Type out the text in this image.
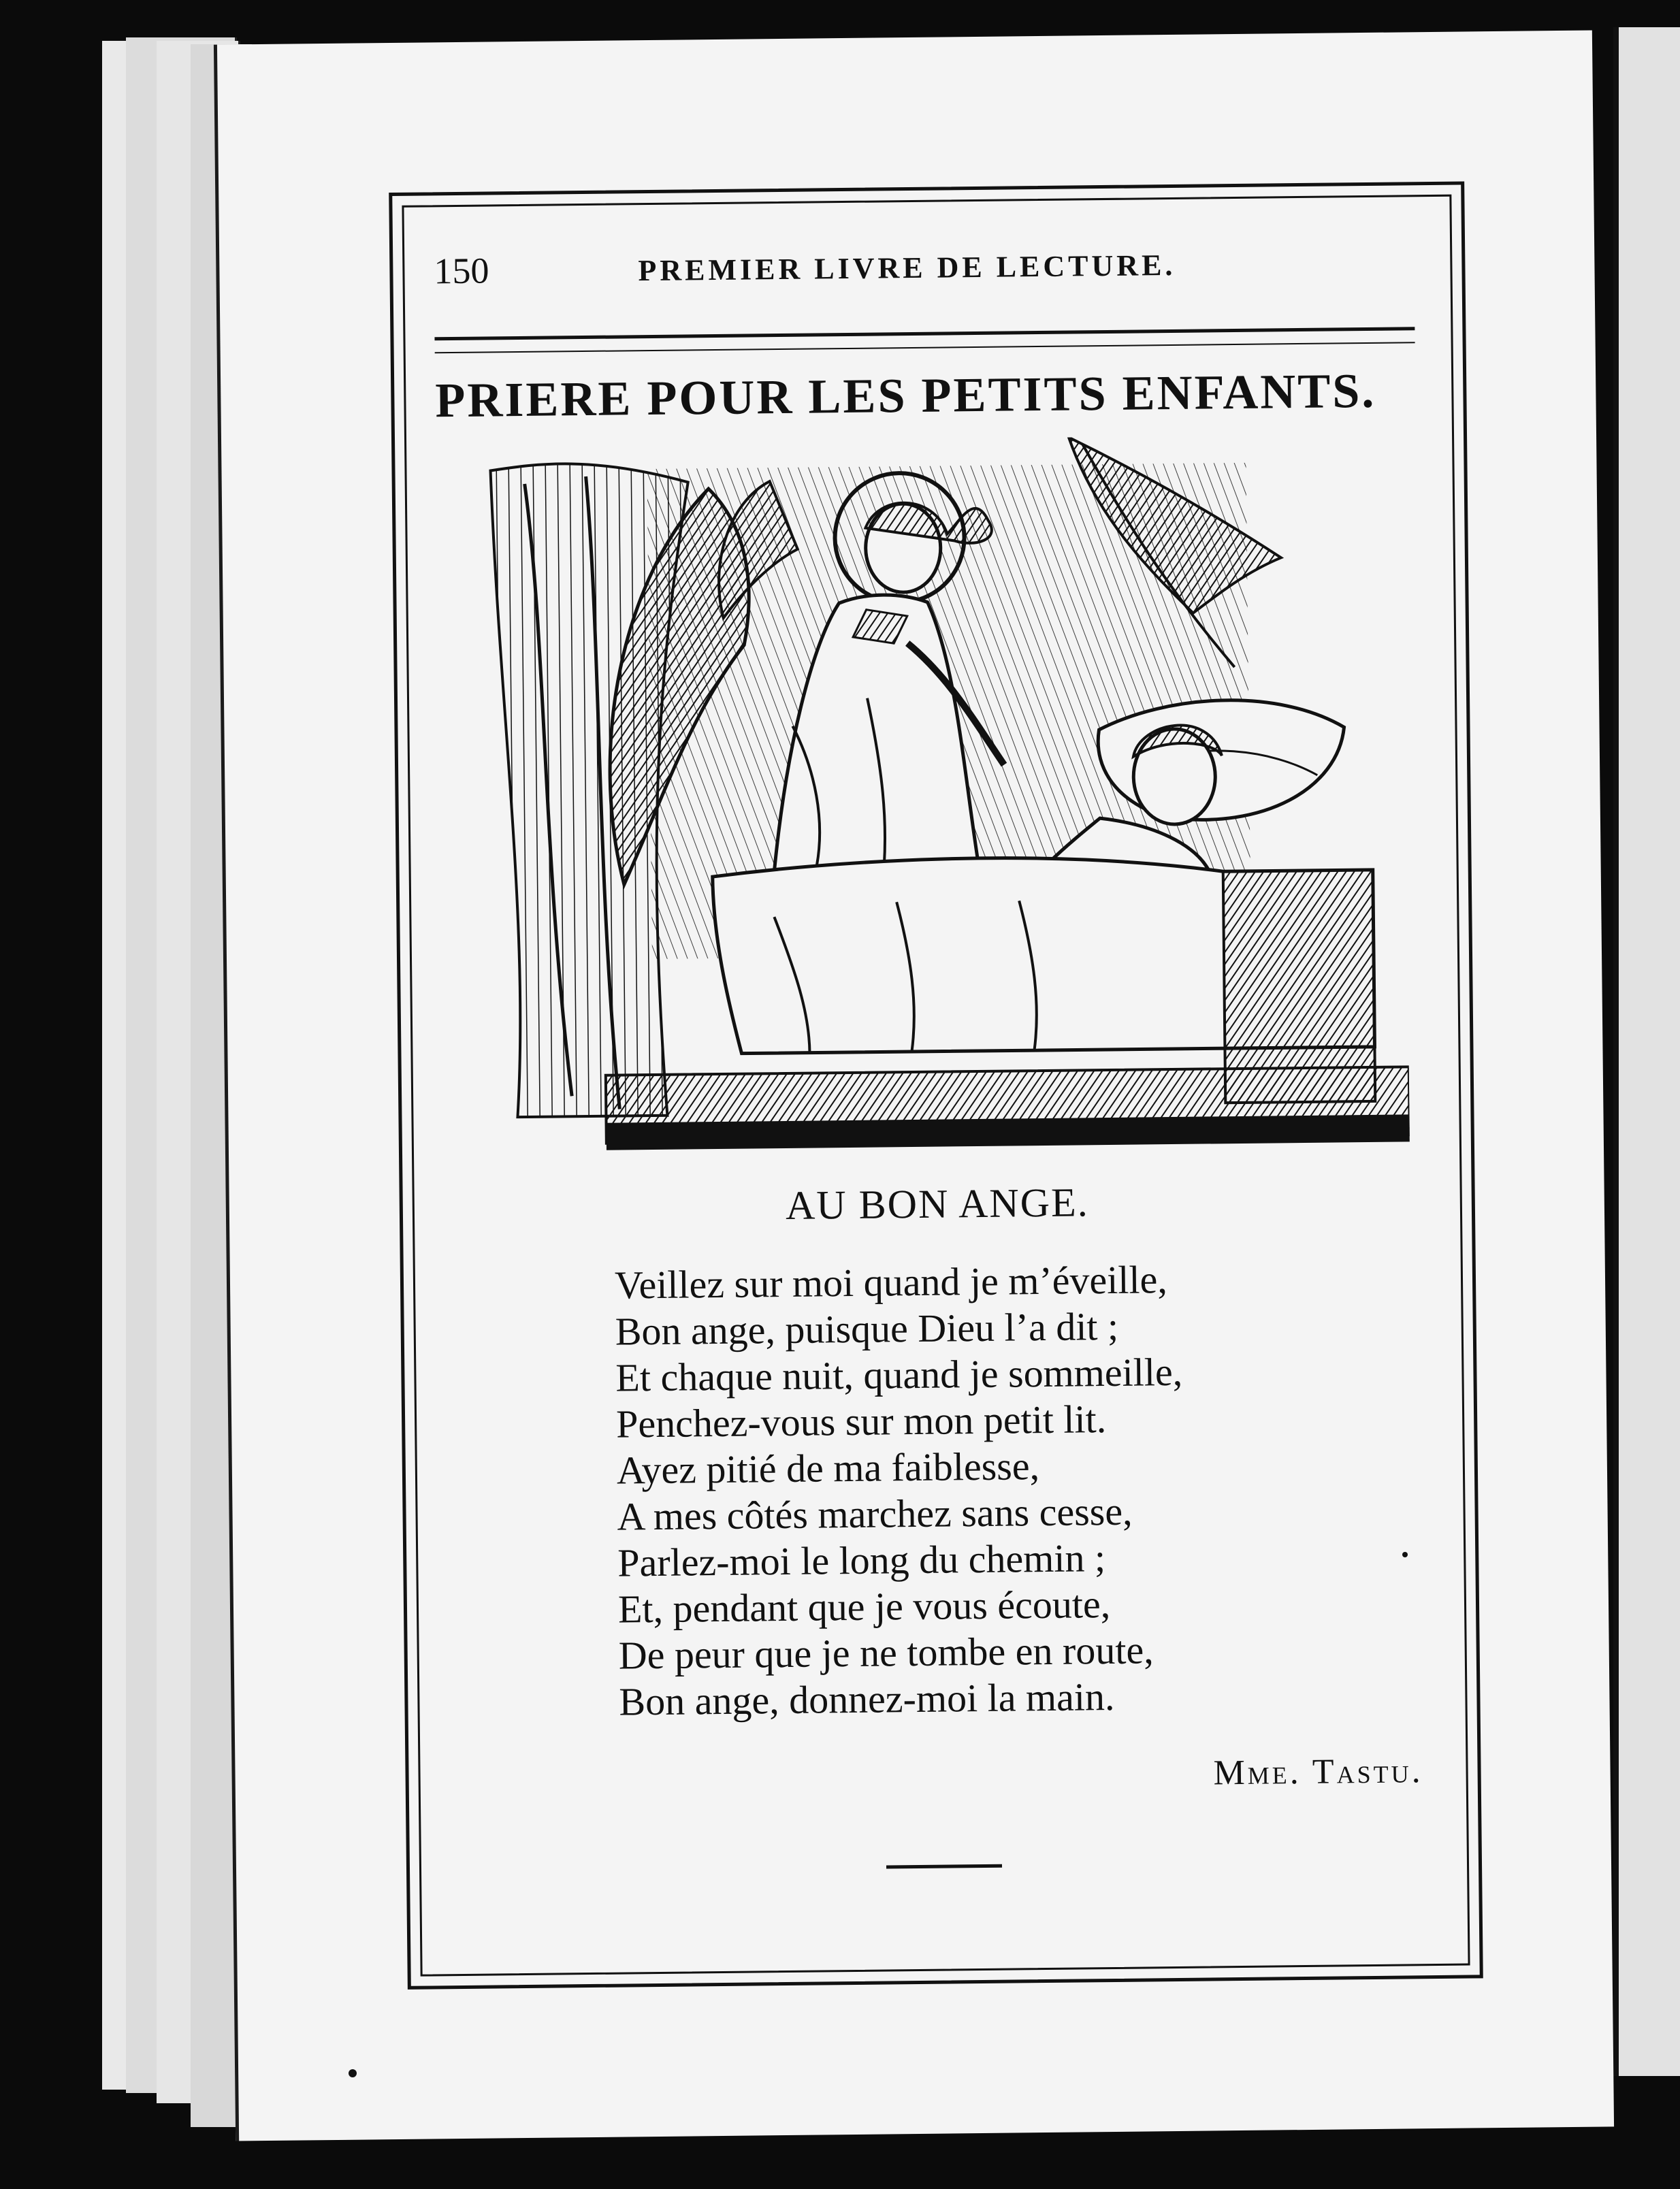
150	PREMIER LIVRE DE LECTURE.
PRIERE POUR LES PETITS ENFANTS.
AU BON ANGE.
Veillez sur moi quand je m’éveille,
Bon ange, puisque Dieu l’a dit ;
Et chaque nuit, quand je sommeille,
Penchez-vous sur mon petit lit.
Ayez pitié de ma faiblesse,
A mes côtés marchez sans cesse,
Parlez-moi le long du chemin ;
Et, pendant que je vous écoute,
De peur que je ne tombe en route,
Bon ange, donnez-moi la main.
Mme. Tastu.
